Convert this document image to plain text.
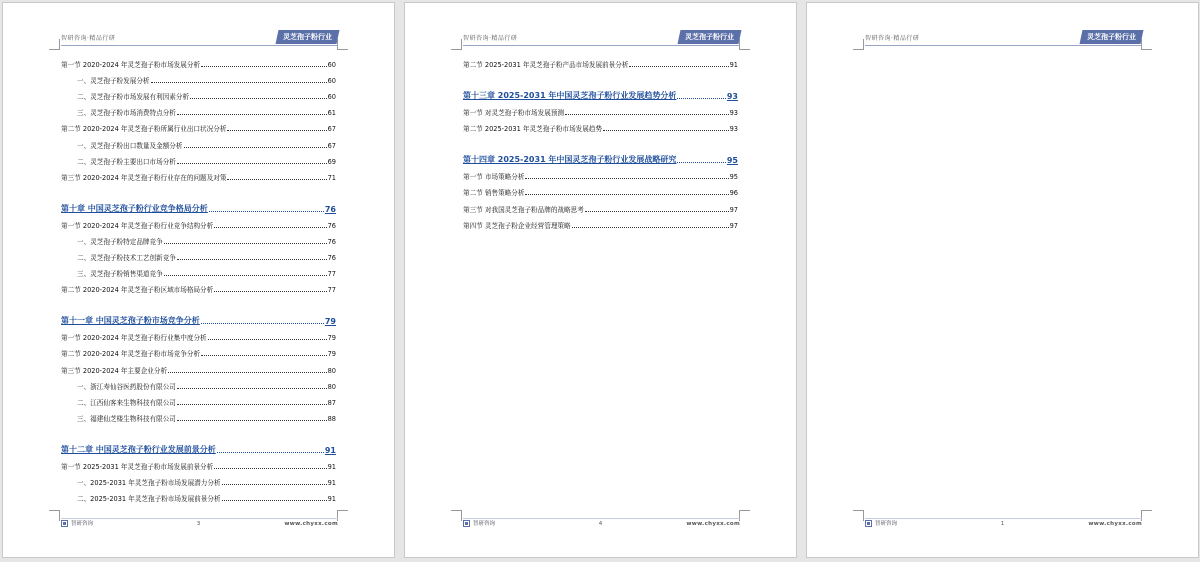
智研咨询·精品行研	灵芝孢子粉行业
第一节 2020-2024 年灵芝孢子粉市场发展分析	60
一、灵芝孢子粉发展分析	60
二、灵芝孢子粉市场发展有利因素分析	60
三、灵芝孢子粉市场消费特点分析	61
第二节 2020-2024 年灵芝孢子粉所属行业出口状况分析	67
一、灵芝孢子粉出口数量及金额分析	67
二、灵芝孢子粉主要出口市场分析	69
第三节 2020-2024 年灵芝孢子粉行业存在的问题及对策	71
第十章 中国灵芝孢子粉行业竞争格局分析	76
第一节 2020-2024 年灵芝孢子粉行业竞争结构分析	76
一、灵芝孢子粉特定品牌竞争	76
二、灵芝孢子粉技术工艺创新竞争	76
三、灵芝孢子粉销售渠道竞争	77
第二节 2020-2024 年灵芝孢子粉区域市场格局分析	77
第十一章 中国灵芝孢子粉市场竞争分析	79
第一节 2020-2024 年灵芝孢子粉行业集中度分析	79
第二节 2020-2024 年灵芝孢子粉市场竞争分析	79
第三节 2020-2024 年主要企业分析	80
一、浙江寿仙谷医药股份有限公司	80
二、江西仙客来生物科技有限公司	87
三、福建仙芝楼生物科技有限公司	88
第十二章 中国灵芝孢子粉行业发展前景分析	91
第一节 2025-2031 年灵芝孢子粉市场发展前景分析	91
一、2025-2031 年灵芝孢子粉市场发展潜力分析	91
二、2025-2031 年灵芝孢子粉市场发展前景分析	91
智研咨询	3	www.chyxx.com
智研咨询·精品行研	灵芝孢子粉行业
第二节 2025-2031 年灵芝孢子粉产品市场发展前景分析	91
第十三章 2025-2031 年中国灵芝孢子粉行业发展趋势分析	93
第一节 对灵芝孢子粉市场发展预测	93
第二节 2025-2031 年灵芝孢子粉市场发展趋势	93
第十四章 2025-2031 年中国灵芝孢子粉行业发展战略研究	95
第一节 市场策略分析	95
第二节 销售策略分析	96
第三节 对我国灵芝孢子粉品牌的战略思考	97
第四节 灵芝孢子粉企业经营管理策略	97
智研咨询	4	www.chyxx.com
智研咨询·精品行研	灵芝孢子粉行业
智研咨询	1	www.chyxx.com
